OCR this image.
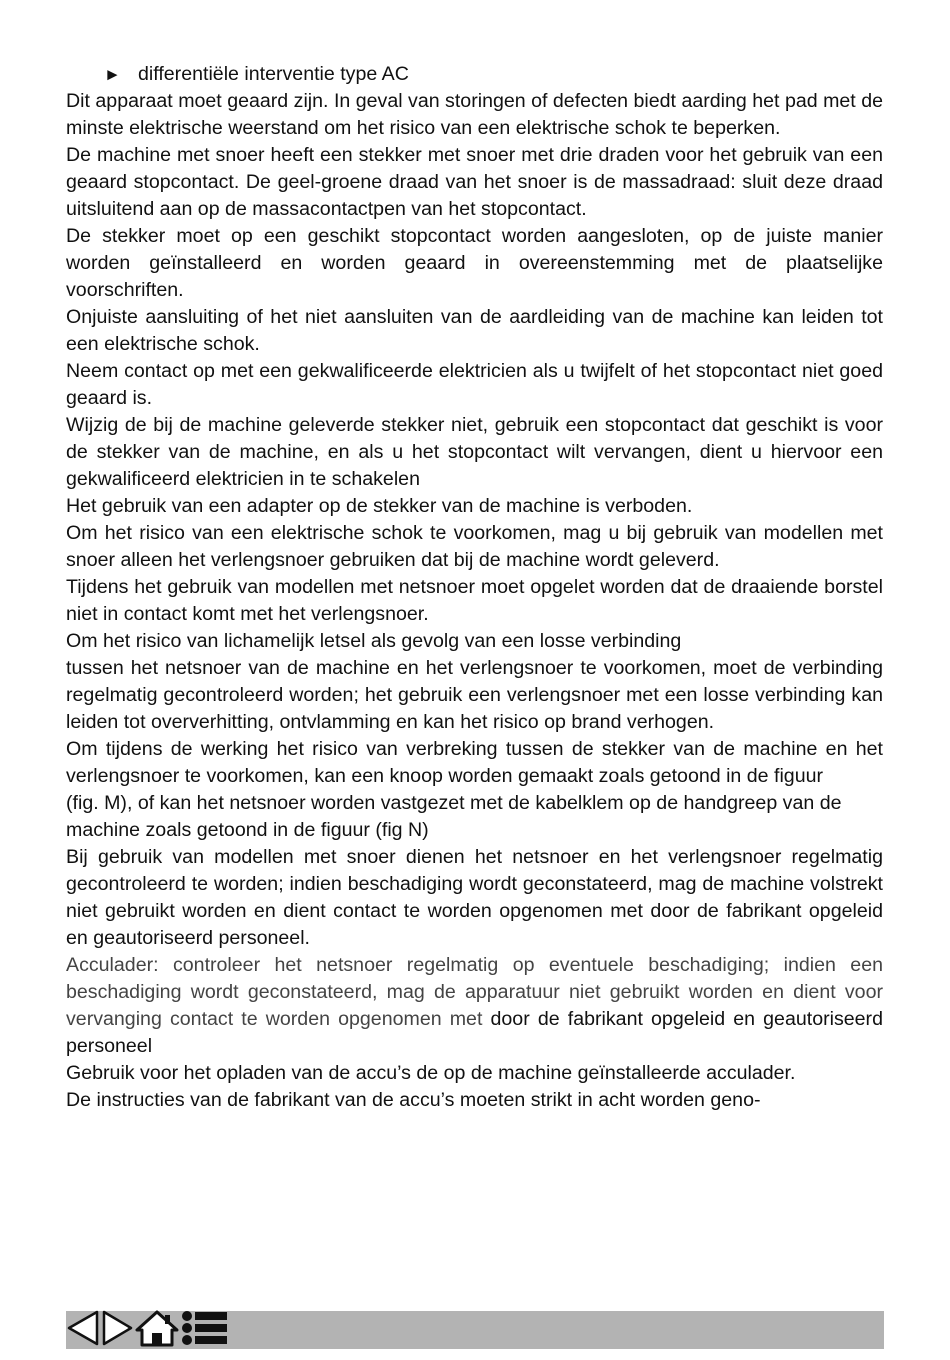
► differentiële interventie type AC

Dit apparaat moet geaard zijn. In geval van storingen of defecten biedt aarding het pad met de minste elektrische weerstand om het risico van een elektrische schok te beperken.

De machine met snoer heeft een stekker met snoer met drie draden voor het gebruik van een geaard stopcontact. De geel-groene draad van het snoer is de massadraad: sluit deze draad uitsluitend aan op de massacontactpen van het stopcontact.

De stekker moet op een geschikt stopcontact worden aangesloten, op de juiste manier worden geïnstalleerd en worden geaard in overeenstemming met de plaatselijke voorschriften.

Onjuiste aansluiting of het niet aansluiten van de aardleiding van de machine kan leiden tot een elektrische schok.

Neem contact op met een gekwalificeerde elektricien als u twijfelt of het stopcontact niet goed geaard is.

Wijzig de bij de machine geleverde stekker niet, gebruik een stopcontact dat geschikt is voor de stekker van de machine, en als u het stopcontact wilt vervangen, dient u hiervoor een gekwalificeerd elektricien in te schakelen

Het gebruik van een adapter op de stekker van de machine is verboden.

Om het risico van een elektrische schok te voorkomen, mag u bij gebruik van modellen met snoer alleen het verlengsnoer gebruiken dat bij de machine wordt geleverd.

Tijdens het gebruik van modellen met netsnoer moet opgelet worden dat de draaiende borstel niet in contact komt met het verlengsnoer.

Om het risico van lichamelijk letsel als gevolg van een losse verbinding

tussen het netsnoer van de machine en het verlengsnoer te voorkomen, moet de verbinding regelmatig gecontroleerd worden; het gebruik een verlengsnoer met een losse verbinding kan leiden tot oververhitting, ontvlamming en kan het risico op brand verhogen.

Om tijdens de werking het risico van verbreking tussen de stekker van de machine en het verlengsnoer te voorkomen, kan een knoop worden gemaakt zoals getoond in de figuur

(fig. M), of kan het netsnoer worden vastgezet met de kabelklem op de handgreep van de machine zoals getoond in de figuur (fig N)

Bij gebruik van modellen met snoer dienen het netsnoer en het verlengsnoer regelmatig gecontroleerd te worden; indien beschadiging wordt geconstateerd, mag de machine volstrekt niet gebruikt worden en dient contact te worden opgenomen met door de fabrikant opgeleid en geautoriseerd personeel.

Acculader: controleer het netsnoer regelmatig op eventuele beschadiging; indien een beschadiging wordt geconstateerd, mag de apparatuur niet gebruikt worden en dient voor vervanging contact te worden opgenomen met door de fabrikant opgeleid en geautoriseerd personeel

Gebruik voor het opladen van de accu’s de op de machine geïnstalleerde acculader.

De instructies van de fabrikant van de accu’s moeten strikt in acht worden geno-
